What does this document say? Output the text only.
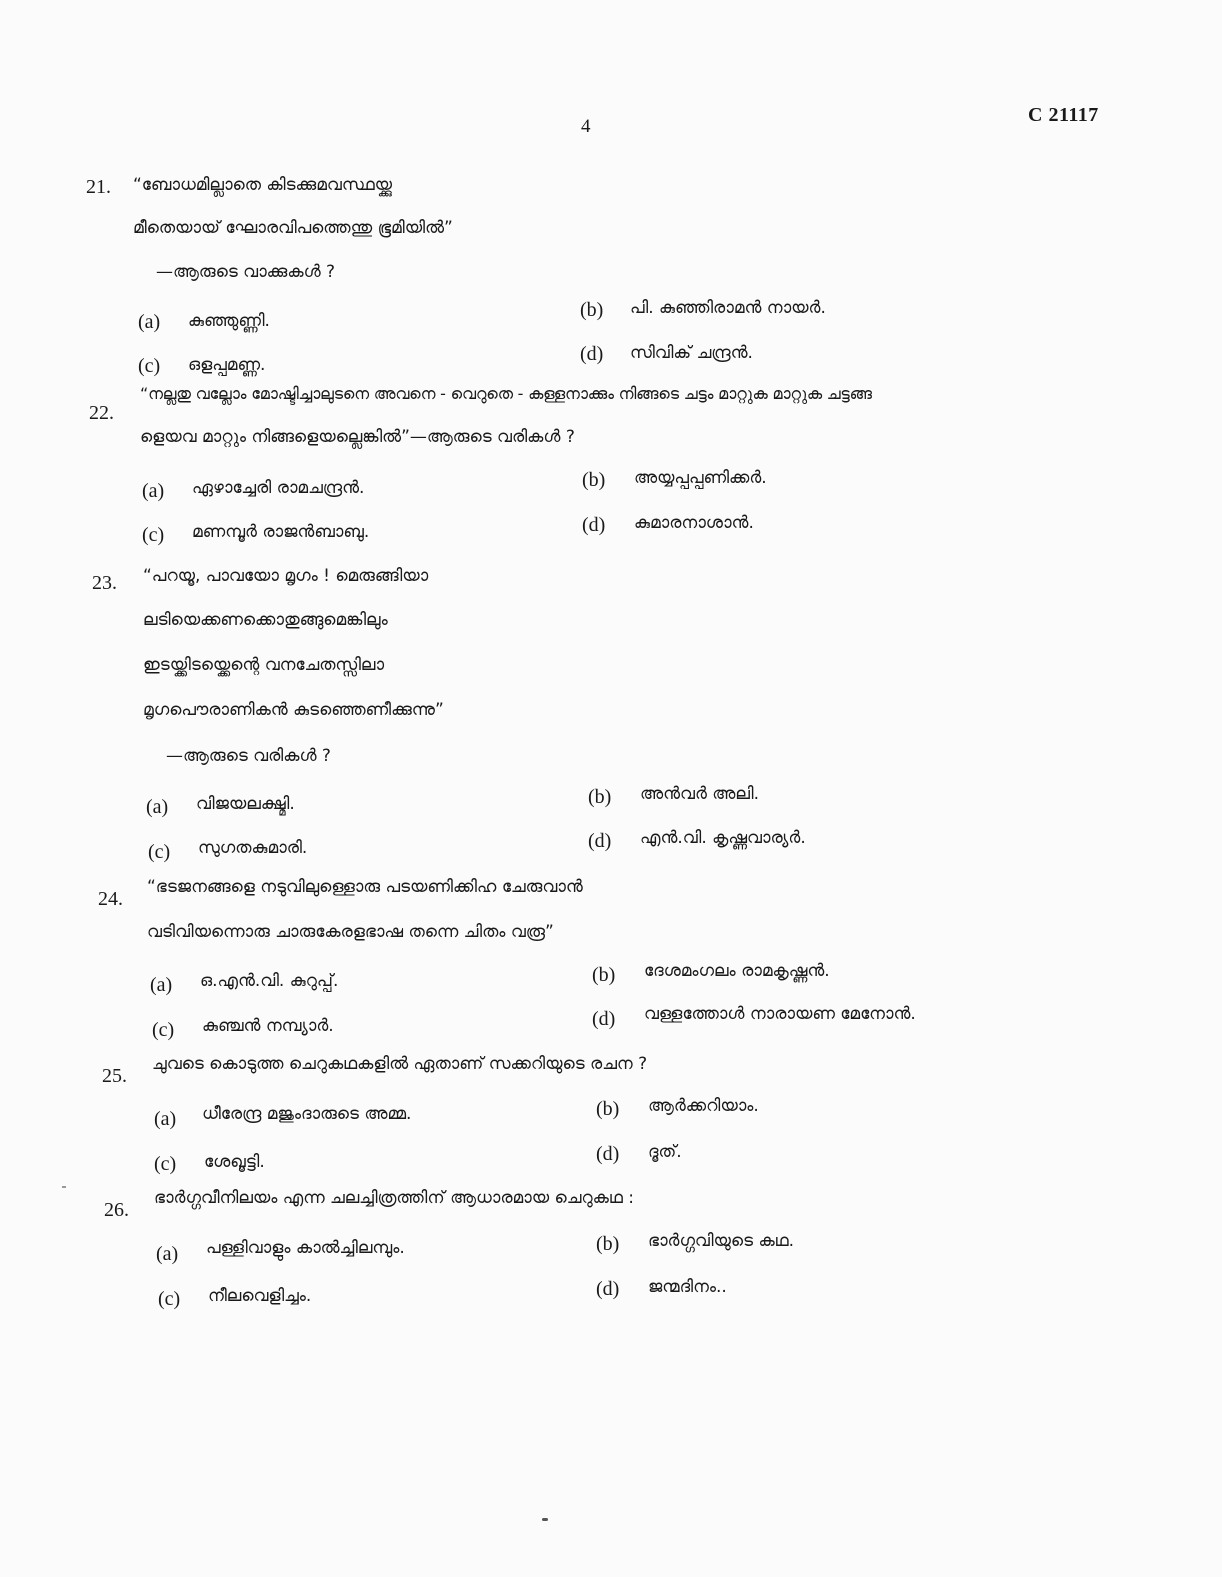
4
C 21117
21. “ബോധമില്ലാതെ കിടക്കുമവസ്ഥയ്ക്കു
മീതെയായ് ഘോരവിപത്തെന്തു ഭൂമിയിൽ”
—ആരുടെ വാക്കുകൾ ?
(a) കുഞ്ഞുണ്ണി.	(b) പി. കുഞ്ഞിരാമൻ നായർ.
(c) ഒളപ്പമണ്ണ.	(d) സിവിക് ചന്ദ്രൻ.
22.
“നല്ലതു വല്ലോം മോഷ്ടിച്ചാലുടനെ അവനെ - വെറുതെ - കള്ളനാക്കും നിങ്ങടെ ചട്ടം മാറ്റുക മാറ്റുക ചട്ടങ്ങ
ളെയവ മാറ്റും നിങ്ങളെയല്ലെങ്കിൽ”—ആരുടെ വരികൾ ?
(a) ഏഴാച്ചേരി രാമചന്ദ്രൻ.	(b) അയ്യപ്പപ്പണിക്കർ.
(c) മണമ്പൂർ രാജൻബാബു.	(d) കുമാരനാശാൻ.
23. “പറയൂ, പാവയോ മൃഗം ! മെരുങ്ങിയാ
ലടിയെക്കണക്കൊതുങ്ങുമെങ്കിലും
ഇടയ്ക്കിടയ്ക്കെന്റെ വനചേതസ്സിലാ
മൃഗപൌരാണികൻ കുടഞ്ഞെണീക്കുന്നു”
—ആരുടെ വരികൾ ?
(a) വിജയലക്ഷ്മി.	(b) അൻവർ അലി.
(c) സുഗതകുമാരി.	(d) എൻ.വി. കൃഷ്ണവാര്യർ.
24.
“ഭടജനങ്ങളെ നടുവിലുള്ളൊരു പടയണിക്കിഹ ചേരുവാൻ
വടിവിയന്നൊരു ചാരുകേരളഭാഷ തന്നെ ചിതം വരൂ”
(a) ഒ.എൻ.വി. കുറുപ്പ്.	(b) ദേശമംഗലം രാമകൃഷ്ണൻ.
(c) കുഞ്ചൻ നമ്പ്യാർ.	(d) വള്ളത്തോൾ നാരായണ മേനോൻ.
25.
ചുവടെ കൊടുത്ത ചെറുകഥകളിൽ ഏതാണ് സക്കറിയുടെ രചന ?
(a) ധീരേന്ദ്ര മജുംദാരുടെ അമ്മ.	(b) ആർക്കറിയാം.
(c) ശേഖൂട്ടി.	(d) ദൂത്.
26.
ഭാർഗ്ഗവീനിലയം എന്ന ചലച്ചിത്രത്തിന് ആധാരമായ ചെറുകഥ :
(a) പള്ളിവാളും കാൽച്ചിലമ്പും.	(b) ഭാർഗ്ഗവിയുടെ കഥ.
(c) നീലവെളിച്ചം.	(d) ജന്മദിനം..
